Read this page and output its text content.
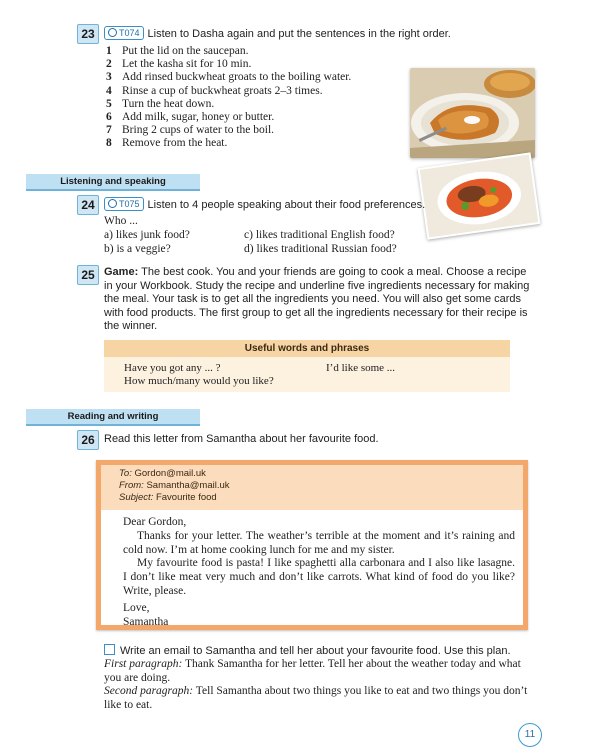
23	T074 Listen to Dasha again and put the sentences in the right order.
1 Put the lid on the saucepan.
2 Let the kasha sit for 10 min.
3 Add rinsed buckwheat groats to the boiling water.
4 Rinse a cup of buckwheat groats 2–3 times.
5 Turn the heat down.
6 Add milk, sugar, honey or butter.
7 Bring 2 cups of water to the boil.
8 Remove from the heat.
Listening and speaking
24	T075 Listen to 4 people speaking about their food preferences.
Who ...
a) likes junk food?
b) is a veggie?
c) likes traditional English food?
d) likes traditional Russian food?
25 Game: The best cook. You and your friends are going to cook a meal. Choose a recipe in your Workbook. Study the recipe and underline five ingredients necessary for making the meal. Your task is to get all the ingredients you need. You will also get some cards with food products. The first group to get all the ingredients necessary for their recipe is the winner.
Useful words and phrases
Have you got any ... ?
How much/many would you like?
I’d like some ...
Reading and writing
26 Read this letter from Samantha about her favourite food.
To: Gordon@mail.uk
From: Samantha@mail.uk
Subject: Favourite food
Dear Gordon,
Thanks for your letter. The weather’s terrible at the moment and it’s raining and cold now. I’m at home cooking lunch for me and my sister.
My favourite food is pasta! I like spaghetti alla carbonara and I also like lasagne. I don’t like meat very much and don’t like carrots. What kind of food do you like? Write, please.
Love,
Samantha
Write an email to Samantha and tell her about your favourite food. Use this plan.
First paragraph: Thank Samantha for her letter. Tell her about the weather today and what you are doing.
Second paragraph: Tell Samantha about two things you like to eat and two things you don’t like to eat.
11
